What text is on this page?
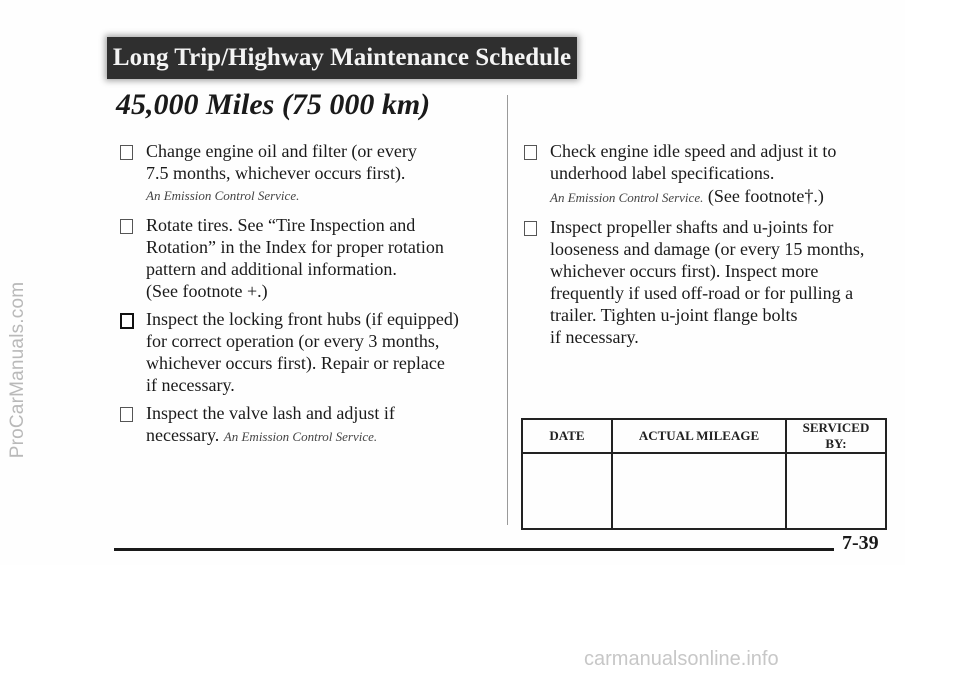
ProCarManuals.com
Long Trip/Highway Maintenance Schedule
45,000 Miles (75 000 km)
Change engine oil and filter (or every
7.5 months, whichever occurs first).
An Emission Control Service.
Rotate tires. See “Tire Inspection and
Rotation” in the Index for proper rotation
pattern and additional information.
(See footnote +.)
Inspect the locking front hubs (if equipped)
for correct operation (or every 3 months,
whichever occurs first). Repair or replace
if necessary.
Inspect the valve lash and adjust if
necessary. An Emission Control Service.
Check engine idle speed and adjust it to
underhood label specifications.
An Emission Control Service. (See footnote†.)
Inspect propeller shafts and u-joints for
looseness and damage (or every 15 months,
whichever occurs first). Inspect more
frequently if used off-road or for pulling a
trailer. Tighten u-joint flange bolts
if necessary.
DATE	ACTUAL MILEAGE	SERVICED BY:

7-39
carmanualsonline.info
